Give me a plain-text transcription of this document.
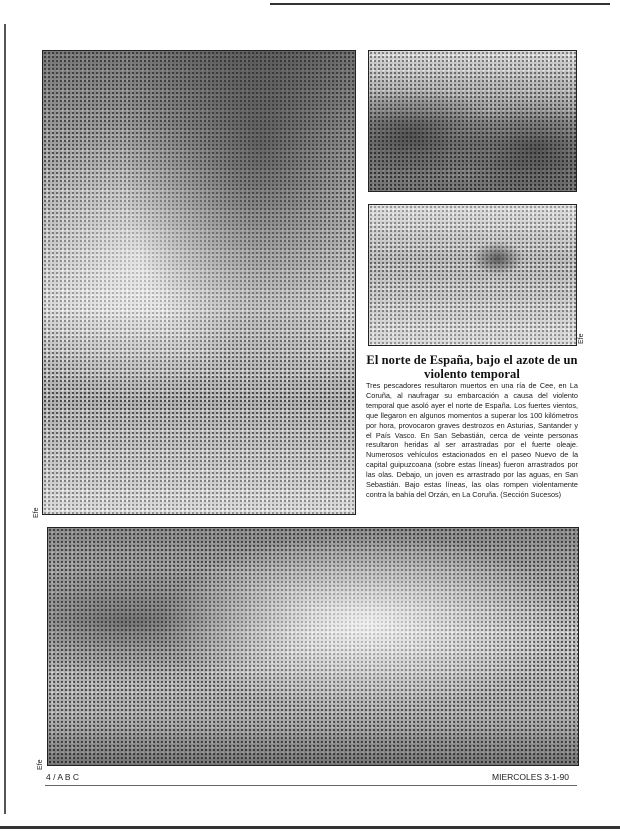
Efe
Efe
El norte de España, bajo el azote de un violento temporal
Tres pescadores resultaron muertos en una ría de Cee, en La Coruña, al naufragar su embarcación a causa del violento temporal que asoló ayer el norte de España. Los fuertes vientos, que llegaron en algunos momentos a superar los 100 kilómetros por hora, provocaron graves destrozos en Asturias, Santander y el País Vasco. En San Sebastián, cerca de veinte personas resultaron heridas al ser arrastradas por el fuerte oleaje. Numerosos vehículos estacionados en el paseo Nuevo de la capital guipuzcoana (sobre estas líneas) fueron arrastrados por las olas. Debajo, un joven es arrastrado por las aguas, en San Sebastián. Bajo estas líneas, las olas rompen violentamente contra la bahía del Orzán, en La Coruña. (Sección Sucesos)
Efe
4 / A B C	MIERCOLES 3-1-90
